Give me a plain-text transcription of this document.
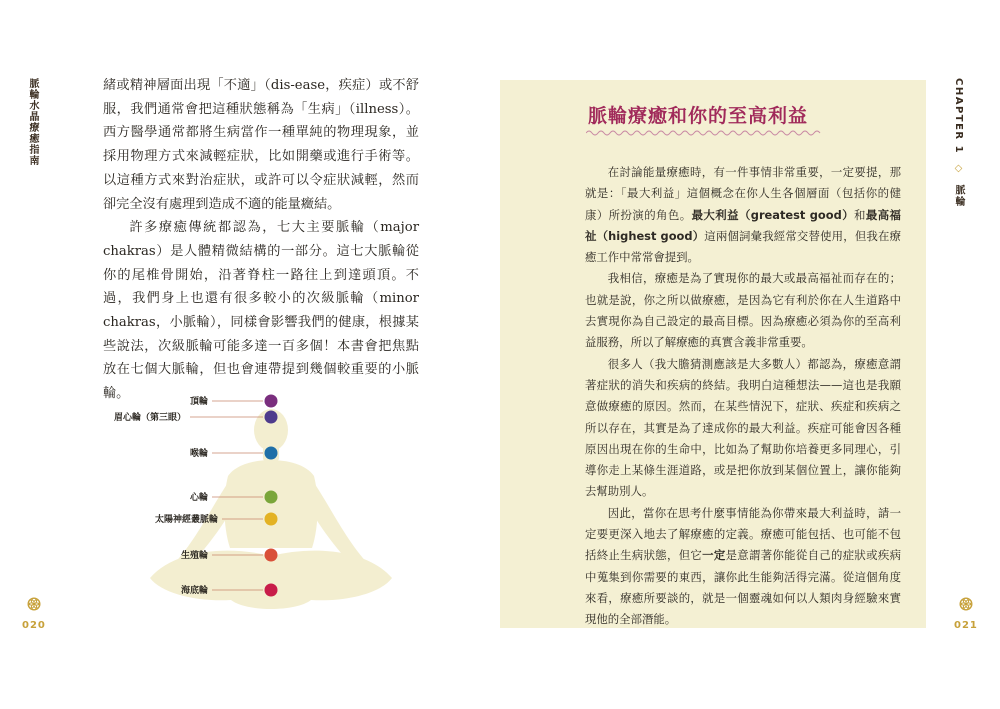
脈輪水晶療癒指南	緒或精神層面出現「不適」（dis-ease，疾症）或不舒服，我們通常會把這種狀態稱為「生病」（illness）。西方醫學通常都將生病當作一種單純的物理現象，並採用物理方式來減輕症狀，比如開藥或進行手術等。以這種方式來對治症狀，或許可以令症狀減輕，然而卻完全沒有處理到造成不適的能量癥結。

許多療癒傳統都認為，七大主要脈輪（major chakras）是人體精微結構的一部分。這七大脈輪從你的尾椎骨開始，沿著脊柱一路往上到達頭頂。不過，我們身上也還有很多較小的次級脈輪（minor chakras，小脈輪），同樣會影響我們的健康，根據某些說法，次級脈輪可能多達一百多個！本書會把焦點放在七個大脈輪，但也會連帶提到幾個較重要的小脈輪。

頂輪
眉心輪（第三眼）
喉輪
心輪
太陽神經叢脈輪
生殖輪
海底輪
020
脈輪療癒和你的至高利益

在討論能量療癒時，有一件事情非常重要，一定要提，那就是：「最大利益」這個概念在你人生各個層面（包括你的健康）所扮演的角色。最大利益（greatest good）和最高福祉（highest good）這兩個詞彙我經常交替使用，但我在療癒工作中常常會提到。

我相信，療癒是為了實現你的最大或最高福祉而存在的；也就是說，你之所以做療癒，是因為它有利於你在人生道路中去實現你為自己設定的最高目標。因為療癒必須為你的至高利益服務，所以了解療癒的真實含義非常重要。

很多人（我大膽猜測應該是大多數人）都認為，療癒意謂著症狀的消失和疾病的終結。我明白這種想法——這也是我願意做療癒的原因。然而，在某些情況下，症狀、疾症和疾病之所以存在，其實是為了達成你的最大利益。疾症可能會因各種原因出現在你的生命中，比如為了幫助你培養更多同理心，引導你走上某條生涯道路，或是把你放到某個位置上，讓你能夠去幫助別人。

因此，當你在思考什麼事情能為你帶來最大利益時，請一定要更深入地去了解療癒的定義。療癒可能包括、也可能不包括終止生病狀態，但它一定是意謂著你能從自己的症狀或疾病中蒐集到你需要的東西，讓你此生能夠活得完滿。從這個角度來看，療癒所要談的，就是一個靈魂如何以人類肉身經驗來實現他的全部潛能。

CHAPTER 1 ◇ 脈輪
021
